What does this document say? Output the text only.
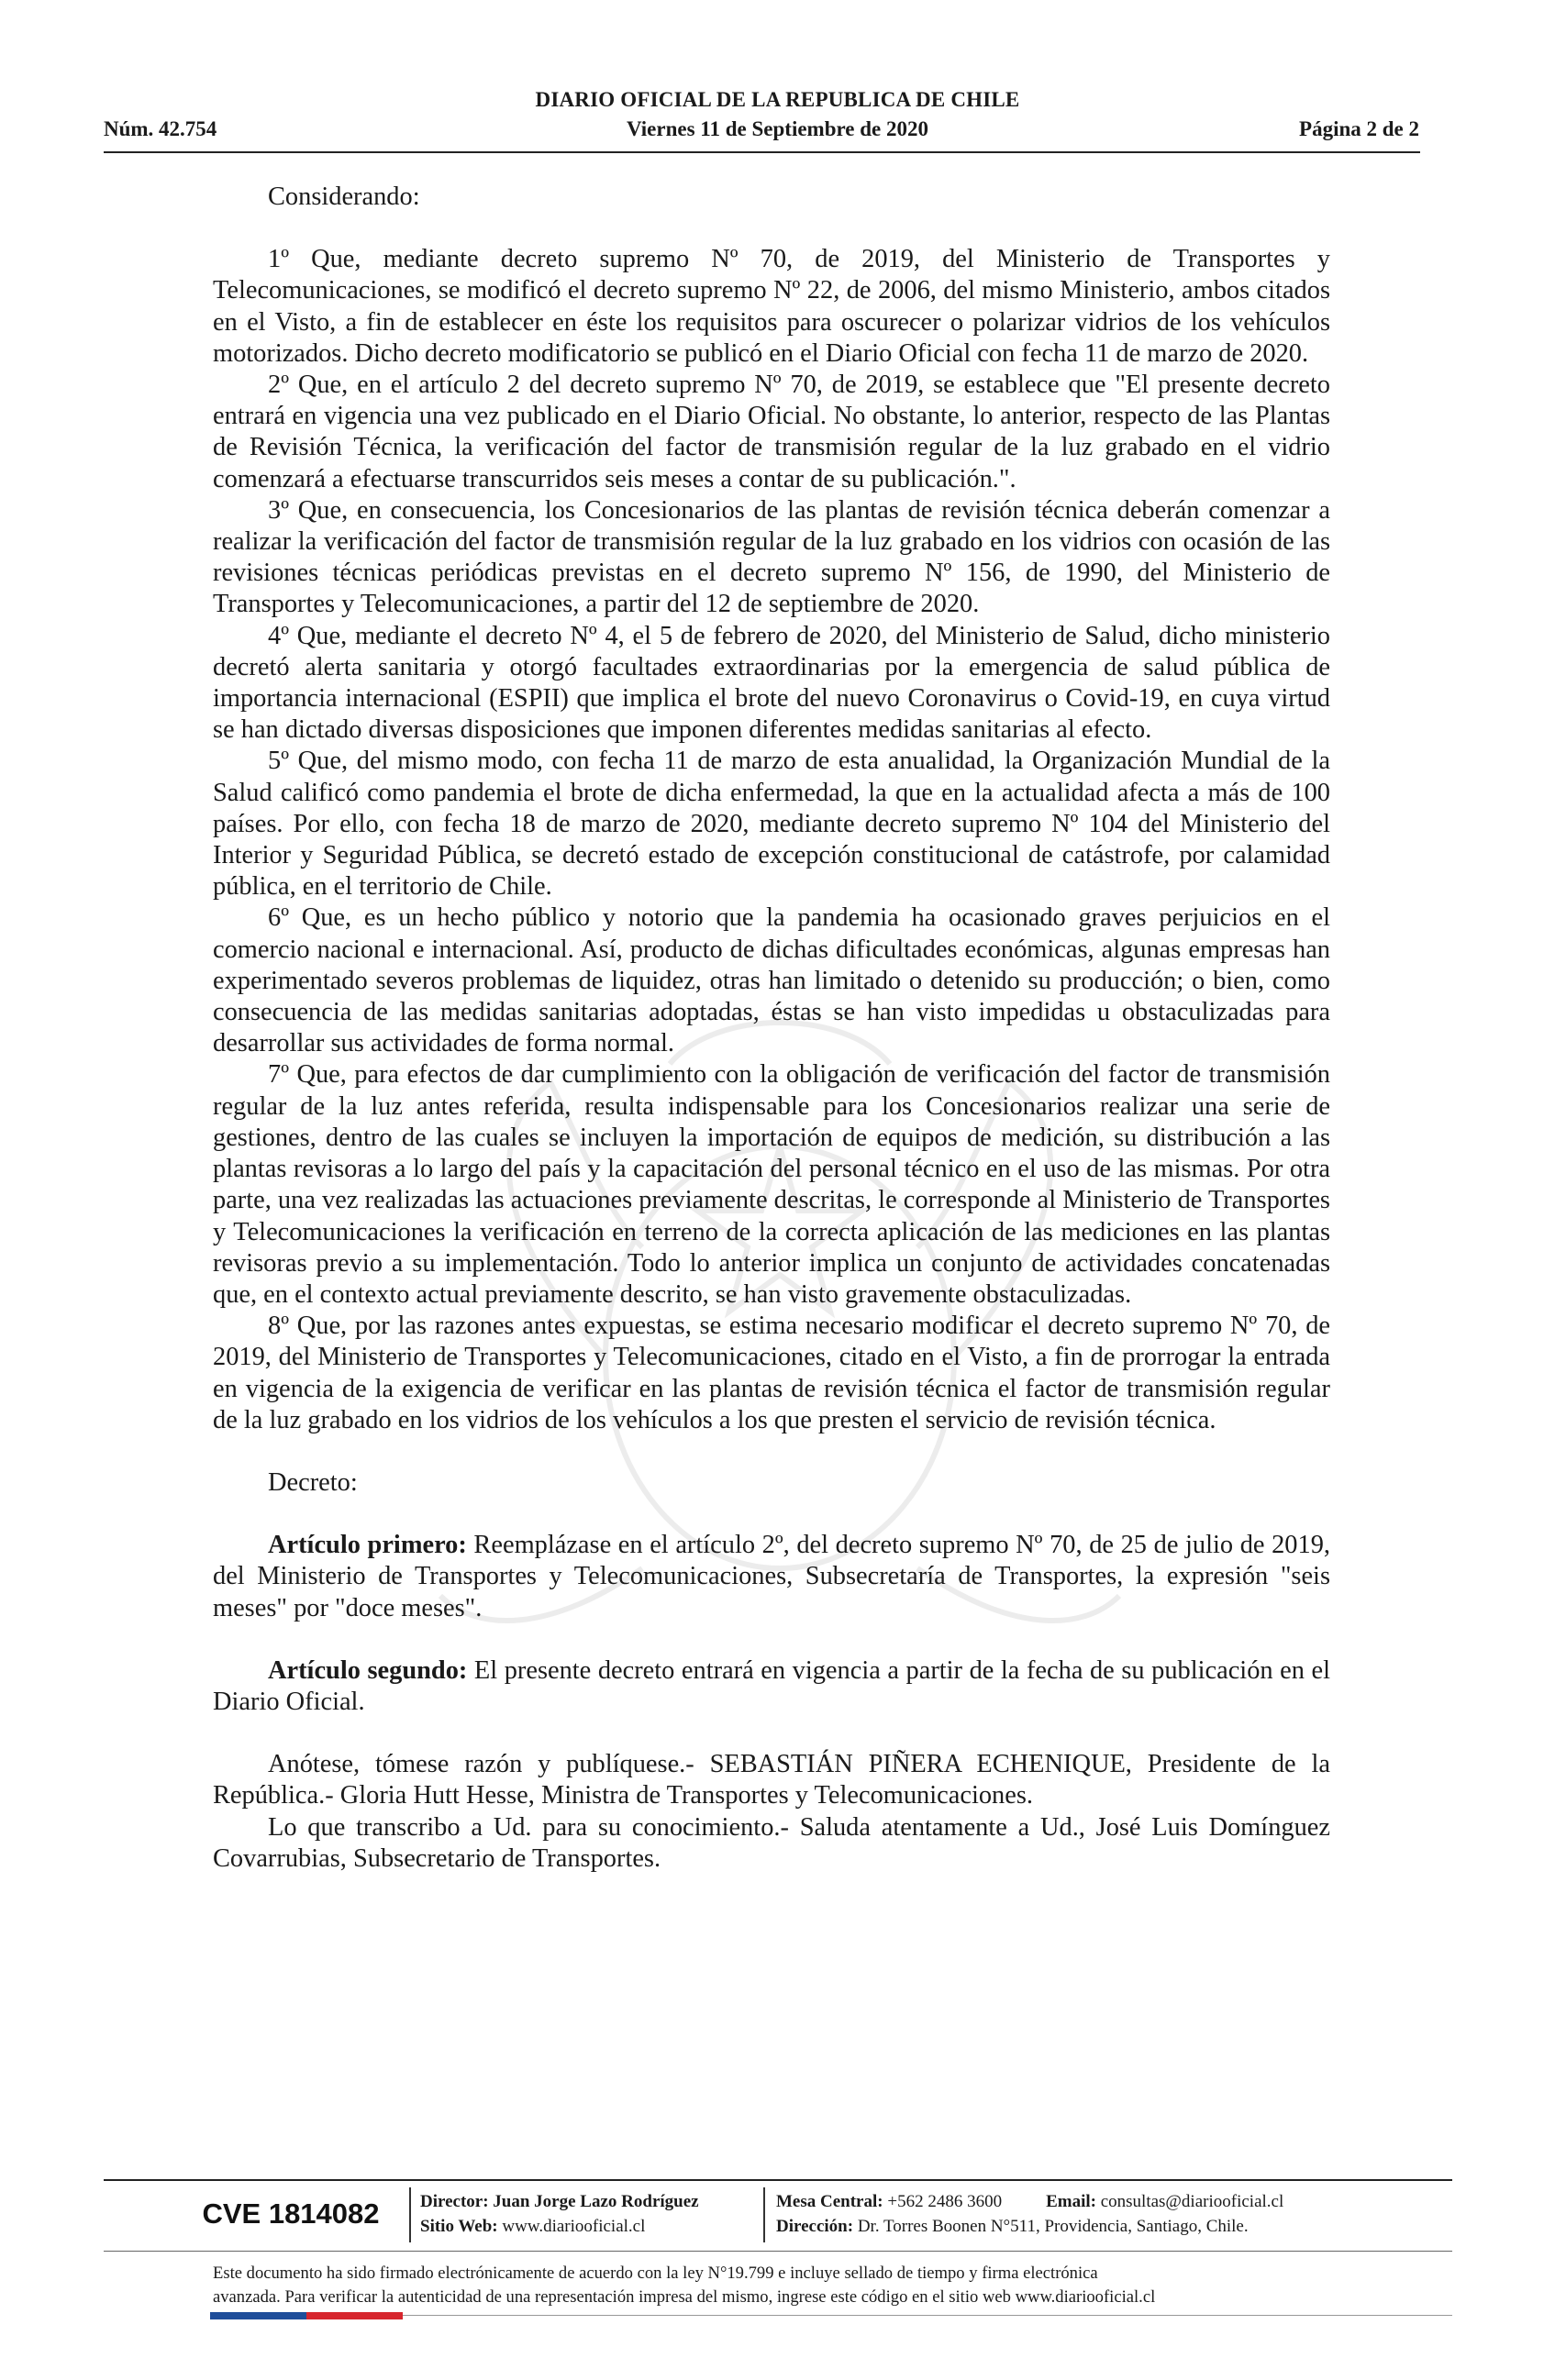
DIARIO OFICIAL DE LA REPUBLICA DE CHILE
Núm. 42.754	Viernes 11 de Septiembre de 2020	Página 2 de 2

Considerando:

1º Que, mediante decreto supremo Nº 70, de 2019, del Ministerio de Transportes y Telecomunicaciones, se modificó el decreto supremo Nº 22, de 2006, del mismo Ministerio, ambos citados en el Visto, a fin de establecer en éste los requisitos para oscurecer o polarizar vidrios de los vehículos motorizados. Dicho decreto modificatorio se publicó en el Diario Oficial con fecha 11 de marzo de 2020.

2º Que, en el artículo 2 del decreto supremo Nº 70, de 2019, se establece que "El presente decreto entrará en vigencia una vez publicado en el Diario Oficial. No obstante, lo anterior, respecto de las Plantas de Revisión Técnica, la verificación del factor de transmisión regular de la luz grabado en el vidrio comenzará a efectuarse transcurridos seis meses a contar de su publicación.".

3º Que, en consecuencia, los Concesionarios de las plantas de revisión técnica deberán comenzar a realizar la verificación del factor de transmisión regular de la luz grabado en los vidrios con ocasión de las revisiones técnicas periódicas previstas en el decreto supremo Nº 156, de 1990, del Ministerio de Transportes y Telecomunicaciones, a partir del 12 de septiembre de 2020.

4º Que, mediante el decreto Nº 4, el 5 de febrero de 2020, del Ministerio de Salud, dicho ministerio decretó alerta sanitaria y otorgó facultades extraordinarias por la emergencia de salud pública de importancia internacional (ESPII) que implica el brote del nuevo Coronavirus o Covid-19, en cuya virtud se han dictado diversas disposiciones que imponen diferentes medidas sanitarias al efecto.

5º Que, del mismo modo, con fecha 11 de marzo de esta anualidad, la Organización Mundial de la Salud calificó como pandemia el brote de dicha enfermedad, la que en la actualidad afecta a más de 100 países. Por ello, con fecha 18 de marzo de 2020, mediante decreto supremo Nº 104 del Ministerio del Interior y Seguridad Pública, se decretó estado de excepción constitucional de catástrofe, por calamidad pública, en el territorio de Chile.

6º Que, es un hecho público y notorio que la pandemia ha ocasionado graves perjuicios en el comercio nacional e internacional. Así, producto de dichas dificultades económicas, algunas empresas han experimentado severos problemas de liquidez, otras han limitado o detenido su producción; o bien, como consecuencia de las medidas sanitarias adoptadas, éstas se han visto impedidas u obstaculizadas para desarrollar sus actividades de forma normal.

7º Que, para efectos de dar cumplimiento con la obligación de verificación del factor de transmisión regular de la luz antes referida, resulta indispensable para los Concesionarios realizar una serie de gestiones, dentro de las cuales se incluyen la importación de equipos de medición, su distribución a las plantas revisoras a lo largo del país y la capacitación del personal técnico en el uso de las mismas. Por otra parte, una vez realizadas las actuaciones previamente descritas, le corresponde al Ministerio de Transportes y Telecomunicaciones la verificación en terreno de la correcta aplicación de las mediciones en las plantas revisoras previo a su implementación. Todo lo anterior implica un conjunto de actividades concatenadas que, en el contexto actual previamente descrito, se han visto gravemente obstaculizadas.

8º Que, por las razones antes expuestas, se estima necesario modificar el decreto supremo Nº 70, de 2019, del Ministerio de Transportes y Telecomunicaciones, citado en el Visto, a fin de prorrogar la entrada en vigencia de la exigencia de verificar en las plantas de revisión técnica el factor de transmisión regular de la luz grabado en los vidrios de los vehículos a los que presten el servicio de revisión técnica.

Decreto:

Artículo primero: Reemplázase en el artículo 2º, del decreto supremo Nº 70, de 25 de julio de 2019, del Ministerio de Transportes y Telecomunicaciones, Subsecretaría de Transportes, la expresión "seis meses" por "doce meses".

Artículo segundo: El presente decreto entrará en vigencia a partir de la fecha de su publicación en el Diario Oficial.

Anótese, tómese razón y publíquese.- SEBASTIÁN PIÑERA ECHENIQUE, Presidente de la República.- Gloria Hutt Hesse, Ministra de Transportes y Telecomunicaciones.

Lo que transcribo a Ud. para su conocimiento.- Saluda atentamente a Ud., José Luis Domínguez Covarrubias, Subsecretario de Transportes.

CVE 1814082 Director: Juan Jorge Lazo Rodríguez
Sitio Web: www.diariooficial.cl
Mesa Central: +562 2486 3600	Email: consultas@diariooficial.cl
Dirección: Dr. Torres Boonen N°511, Providencia, Santiago, Chile.
Este documento ha sido firmado electrónicamente de acuerdo con la ley N°19.799 e incluye sellado de tiempo y firma electrónica
avanzada. Para verificar la autenticidad de una representación impresa del mismo, ingrese este código en el sitio web www.diariooficial.cl
